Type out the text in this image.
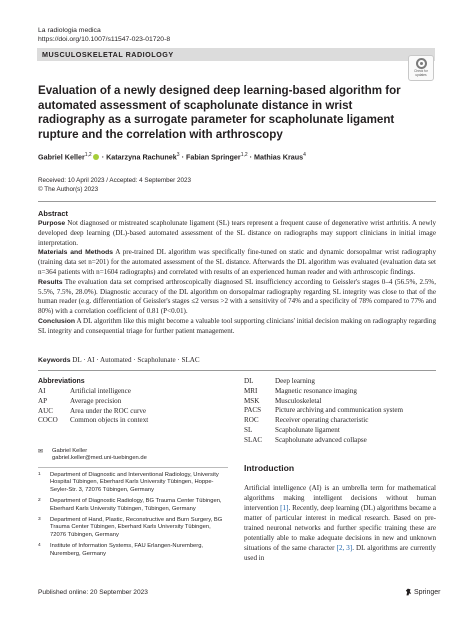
La radiologia medica
https://doi.org/10.1007/s11547-023-01720-8
MUSCULOSKELETAL RADIOLOGY
Check for
updates
Evaluation of a newly designed deep learning-based algorithm for automated assessment of scapholunate distance in wrist radiography as a surrogate parameter for scapholunate ligament rupture and the correlation with arthroscopy
Gabriel Keller$^{1,2}$ · Katarzyna Rachunek$^3$ · Fabian Springer$^{1,2}$ · Mathias Kraus$^4$
Received: 10 April 2023 / Accepted: 4 September 2023
© The Author(s) 2023
Abstract

Purpose Not diagnosed or mistreated scapholunate ligament (SL) tears represent a frequent cause of degenerative wrist arthritis. A newly developed deep learning (DL)-based automated assessment of the SL distance on radiographs may support clinicians in initial image interpretation.

Materials and Methods A pre-trained DL algorithm was specifically fine-tuned on static and dynamic dorsopalmar wrist radiography (training data set n=201) for the automated assessment of the SL distance. Afterwards the DL algorithm was evaluated (evaluation data set n=364 patients with n=1604 radiographs) and correlated with results of an experienced human reader and with arthroscopic findings.

Results The evaluation data set comprised arthroscopically diagnosed SL insufficiency according to Geissler's stages 0–4 (56.5%, 2.5%, 5.5%, 7.5%, 28.0%). Diagnostic accuracy of the DL algorithm on dorsopalmar radiography regarding SL integrity was close to that of the human reader (e.g. differentiation of Geissler's stages ≤2 versus >2 with a sensitivity of 74% and a specificity of 78% compared to 77% and 80%) with a correlation coefficient of 0.81 (P<0.01).

Conclusion A DL algorithm like this might become a valuable tool supporting clinicians' initial decision making on radiography regarding SL integrity and consequential triage for further patient management.

Keywords DL · AI · Automated · Scapholunate · SLAC
Abbreviations
AI	Artificial intelligence
AP	Average precision
AUC	Area under the ROC curve
COCO	Common objects in context
DL	Deep learning
MRI	Magnetic resonance imaging
MSK	Musculoskeletal
PACS	Picture archiving and communication system
ROC	Receiver operating characteristic
SL	Scapholunate ligament
SLAC	Scapholunate advanced collapse
✉ Gabriel Keller
gabriel.keller@med.uni-tuebingen.de
1	Department of Diagnostic and Interventional Radiology, University Hospital Tübingen, Eberhard Karls University Tübingen, Hoppe-Seyler-Str. 3, 72076 Tübingen, Germany
2	Department of Diagnostic Radiology, BG Trauma Center Tübingen, Eberhard Karls University Tübingen, Tübingen, Germany
3	Department of Hand, Plastic, Reconstructive and Burn Surgery, BG Trauma Center Tübingen, Eberhard Karls University Tübingen, 72076 Tübingen, Germany
4	Institute of Information Systems, FAU Erlangen-Nuremberg, Nuremberg, Germany
Introduction
Artificial intelligence (AI) is an umbrella term for mathematical algorithms making intelligent decisions without human intervention [1]. Recently, deep learning (DL) algorithms became a matter of particular interest in medical research. Based on pre-trained neuronal networks and further specific training these are potentially able to make adequate decisions in new and unknown situations of the same character [2, 3]. DL algorithms are currently used in
Published online: 20 September 2023	Springer
